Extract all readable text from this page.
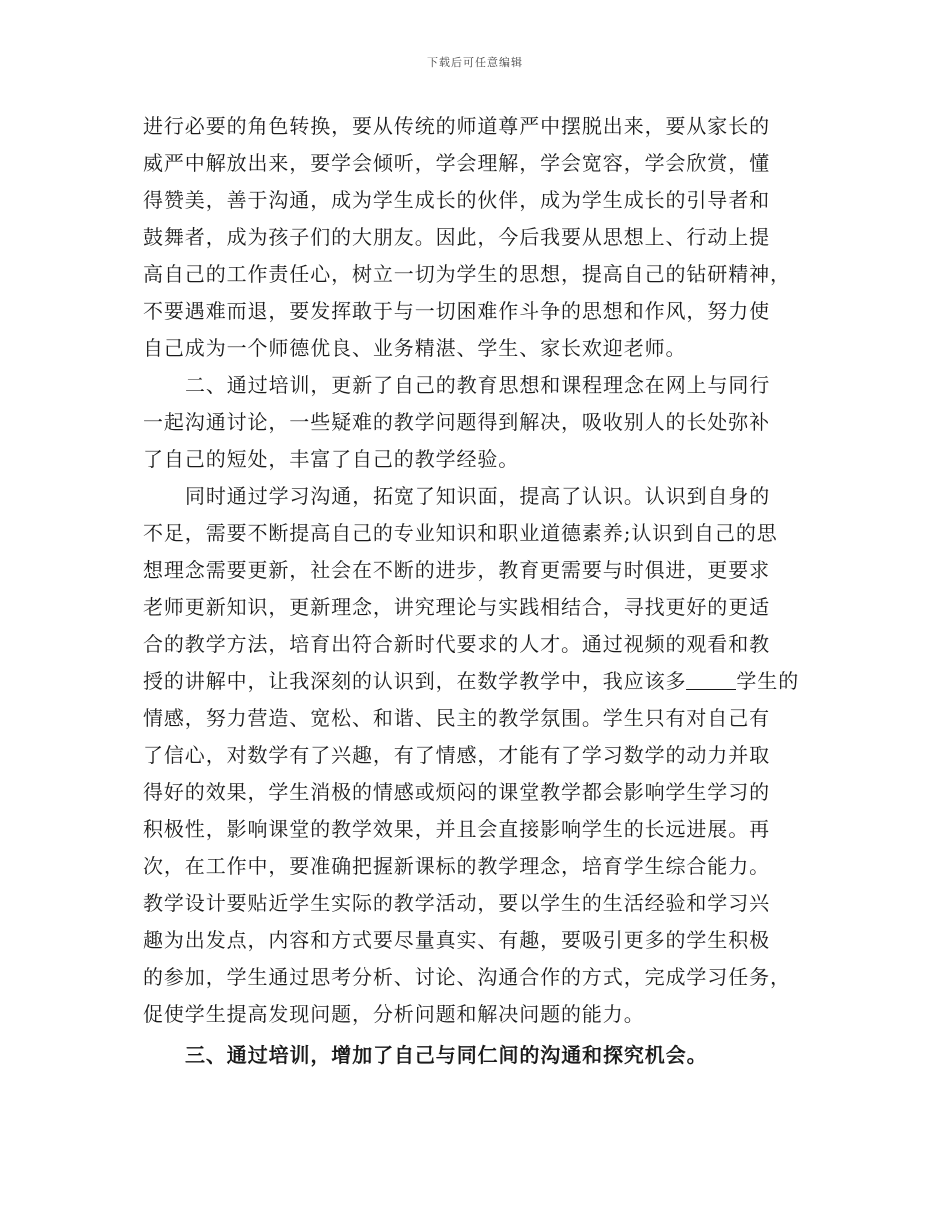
下载后可任意编辑
进行必要的角色转换，要从传统的师道尊严中摆脱出来，要从家长的
威严中解放出来，要学会倾听，学会理解，学会宽容，学会欣赏，懂
得赞美，善于沟通，成为学生成长的伙伴，成为学生成长的引导者和
鼓舞者，成为孩子们的大朋友。因此，今后我要从思想上、行动上提
高自己的工作责任心，树立一切为学生的思想，提高自己的钻研精神，
不要遇难而退，要发挥敢于与一切困难作斗争的思想和作风，努力使
自己成为一个师德优良、业务精湛、学生、家长欢迎老师。
二、通过培训，更新了自己的教育思想和课程理念在网上与同行
一起沟通讨论，一些疑难的教学问题得到解决，吸收别人的长处弥补
了自己的短处，丰富了自己的教学经验。
同时通过学习沟通，拓宽了知识面，提高了认识。认识到自身的
不足，需要不断提高自己的专业知识和职业道德素养;认识到自己的思
想理念需要更新，社会在不断的进步，教育更需要与时俱进，更要求
老师更新知识，更新理念，讲究理论与实践相结合，寻找更好的更适
合的教学方法，培育出符合新时代要求的人才。通过视频的观看和教
授的讲解中，让我深刻的认识到，在数学教学中，我应该多	学生的
情感，努力营造、宽松、和谐、民主的教学氛围。学生只有对自己有
了信心，对数学有了兴趣，有了情感，才能有了学习数学的动力并取
得好的效果，学生消极的情感或烦闷的课堂教学都会影响学生学习的
积极性，影响课堂的教学效果，并且会直接影响学生的长远进展。再
次，在工作中，要准确把握新课标的教学理念，培育学生综合能力。
教学设计要贴近学生实际的教学活动，要以学生的生活经验和学习兴
趣为出发点，内容和方式要尽量真实、有趣，要吸引更多的学生积极
的参加，学生通过思考分析、讨论、沟通合作的方式，完成学习任务，
促使学生提高发现问题，分析问题和解决问题的能力。
三、通过培训，增加了自己与同仁间的沟通和探究机会。
